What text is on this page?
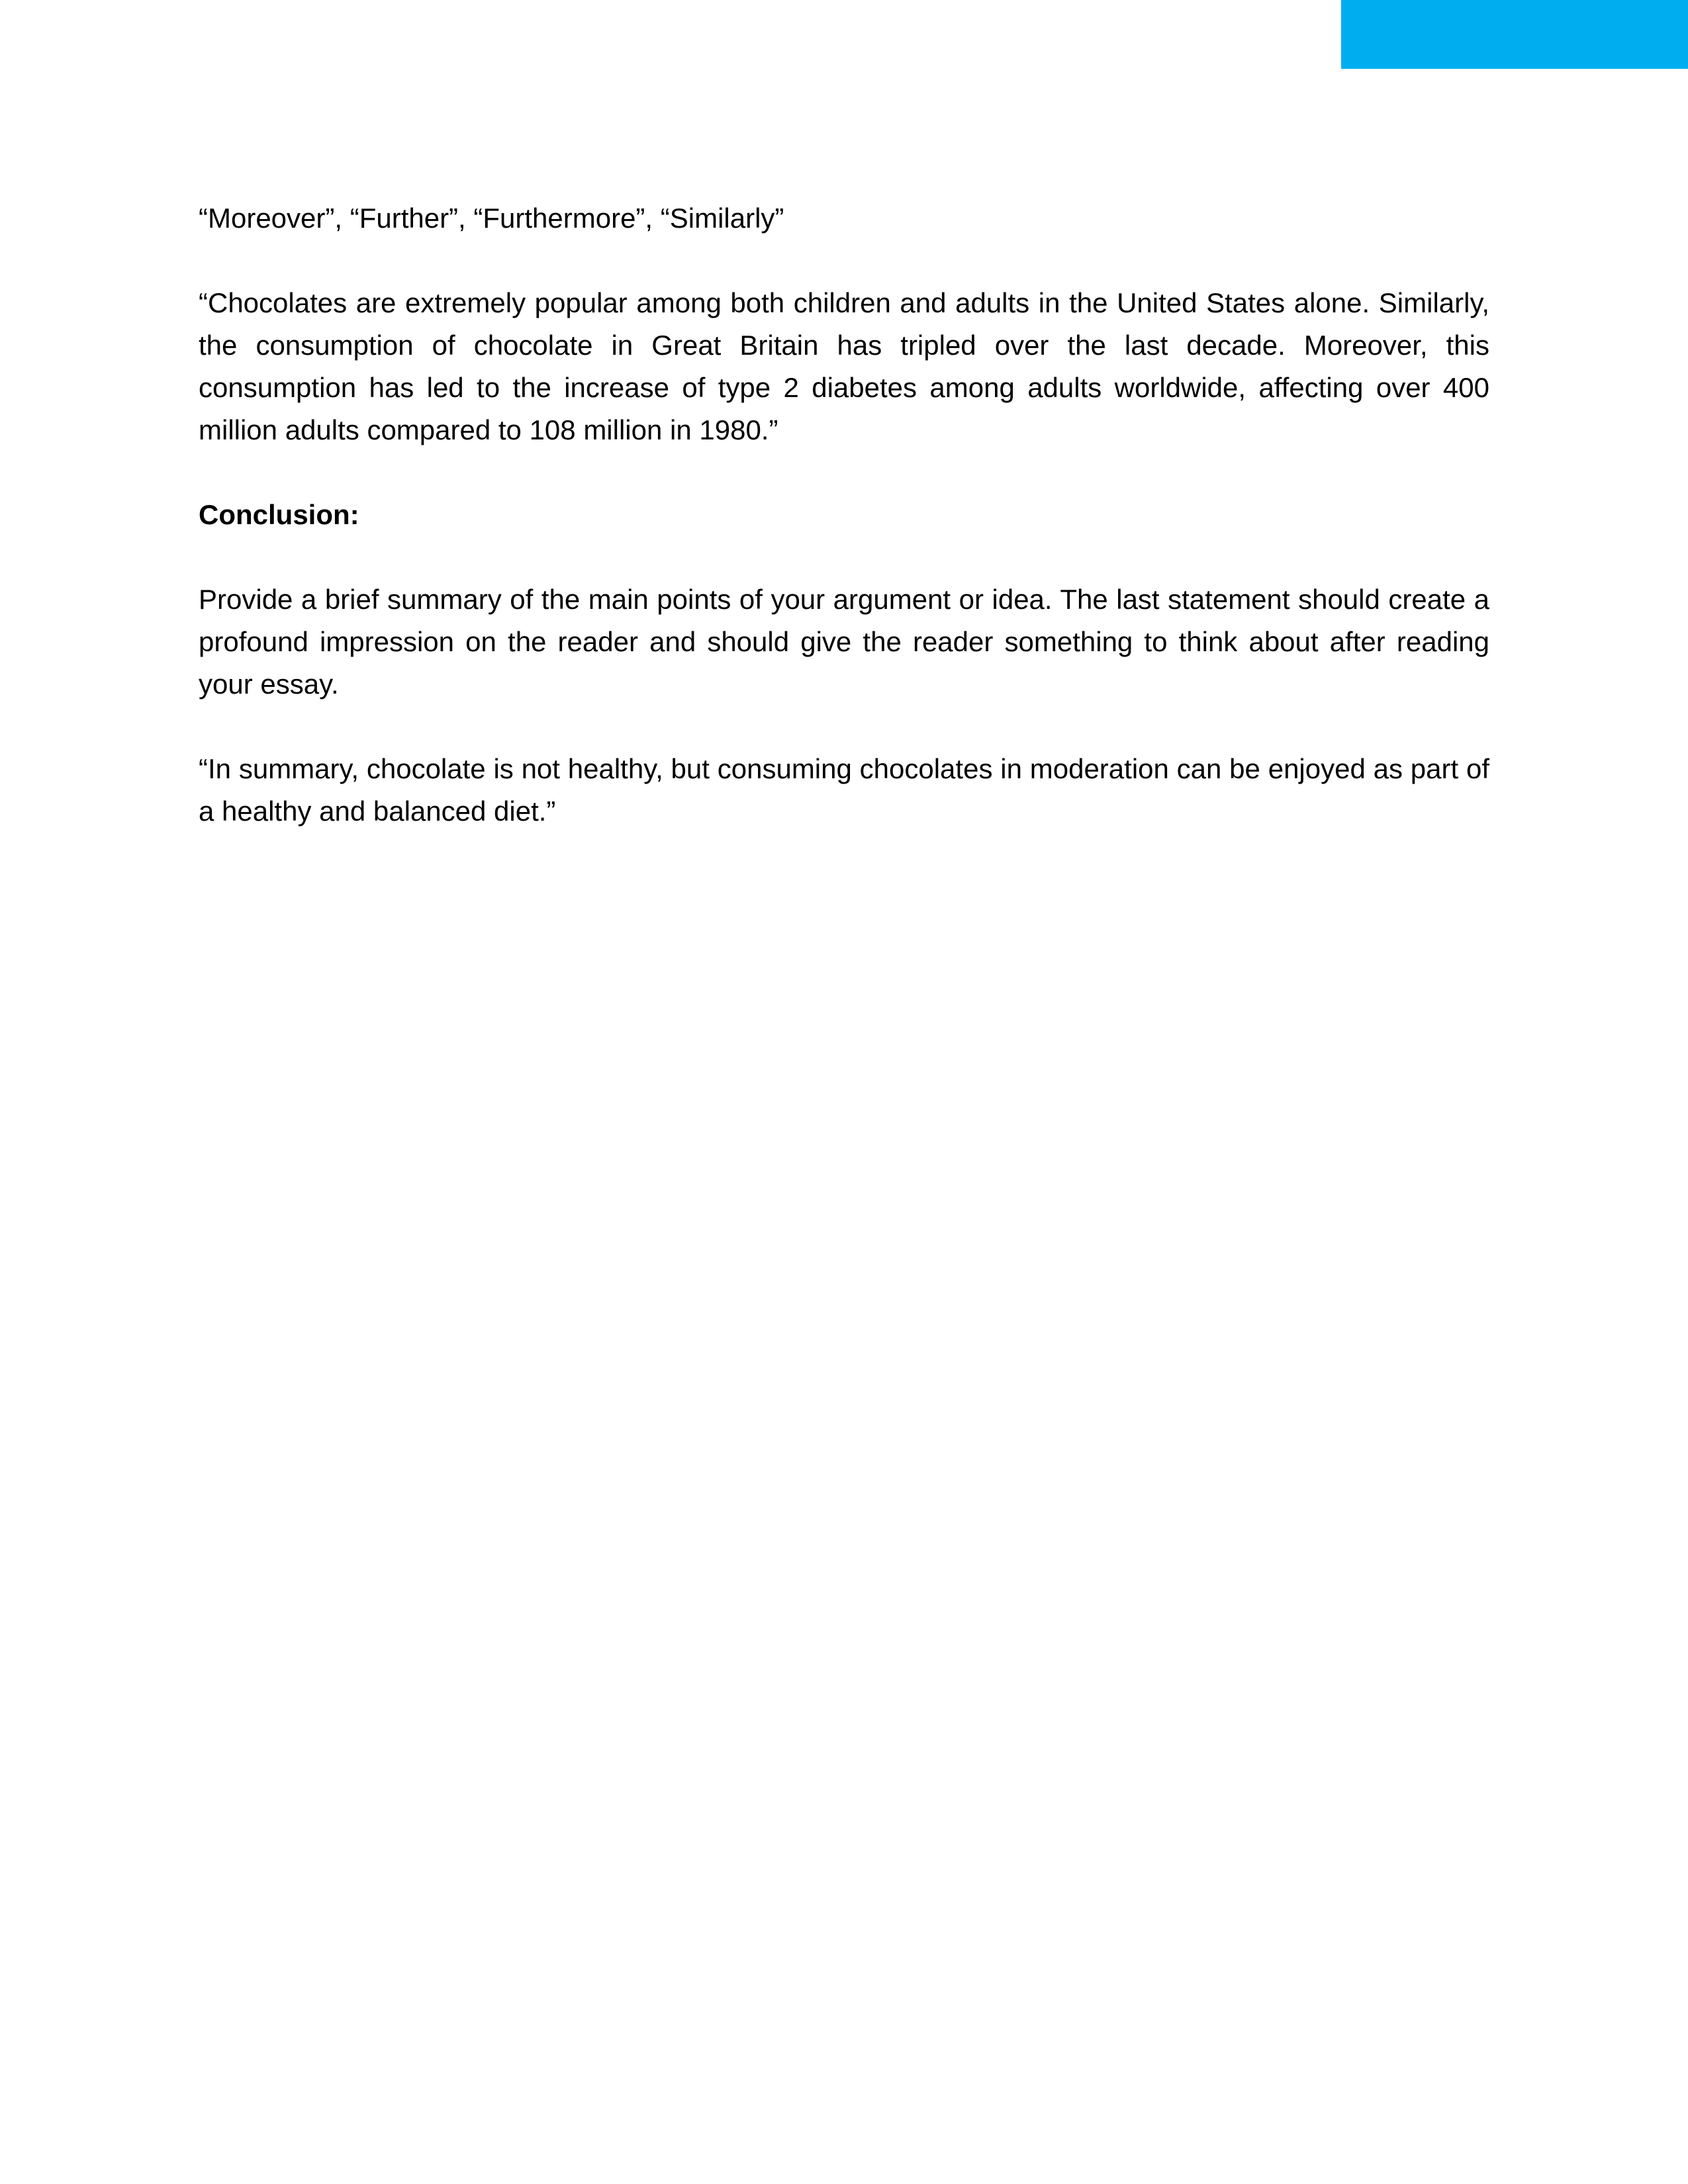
“Moreover”, “Further”, “Furthermore”, “Similarly”

“Chocolates are extremely popular among both children and adults in the United States alone. Similarly, the consumption of chocolate in Great Britain has tripled over the last decade. Moreover, this consumption has led to the increase of type 2 diabetes among adults worldwide, affecting over 400 million adults compared to 108 million in 1980.”

Conclusion:

Provide a brief summary of the main points of your argument or idea. The last statement should create a profound impression on the reader and should give the reader something to think about after reading your essay.

“In summary, chocolate is not healthy, but consuming chocolates in moderation can be enjoyed as part of a healthy and balanced diet.”
